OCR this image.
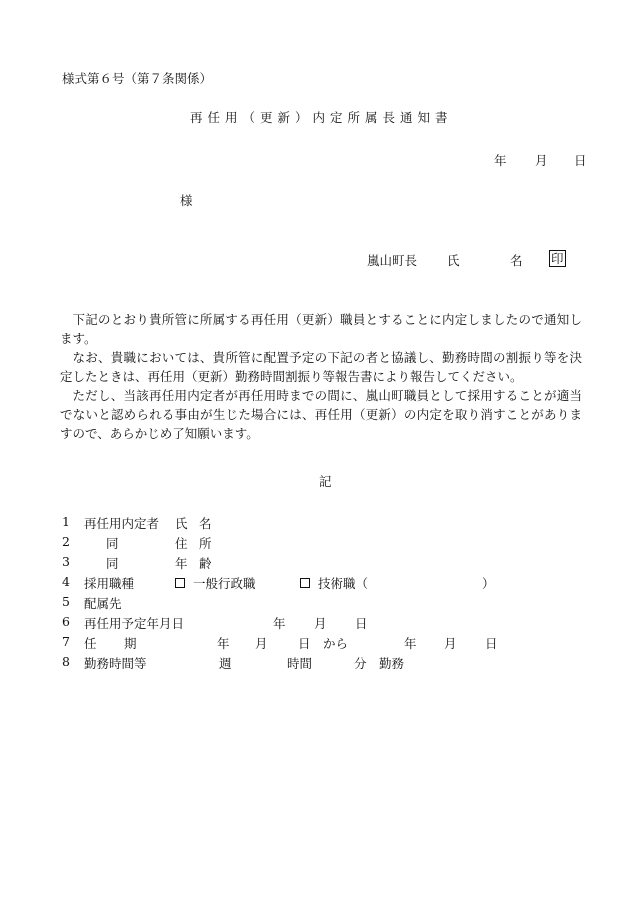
様式第６号（第７条関係）
再任用（更新）内定所属長通知書
年 月 日
様
嵐山町長 氏	名 印
下記のとおり貴所管に所属する再任用（更新）職員とすることに内定しましたので通知します。
なお、貴職においては、貴所管に配置予定の下記の者と協議し、勤務時間の割振り等を決定したときは、再任用（更新）勤務時間割振り等報告書により報告してください。
ただし、当該再任用内定者が再任用時までの間に、嵐山町職員として採用することが適当でないと認められる事由が生じた場合には、再任用（更新）の内定を取り消すことがありますので、あらかじめ了知願います。
記
1 再任用内定者 氏 名
2	同	住 所
3	同	年 齢
4 採用職種	一般行政職	技術職（	）
5 配属先
6 再任用予定年月日	年 月 日
7 任 期	年 月 日 から	年 月 日
8 勤務時間等	週	時間	分 勤務
